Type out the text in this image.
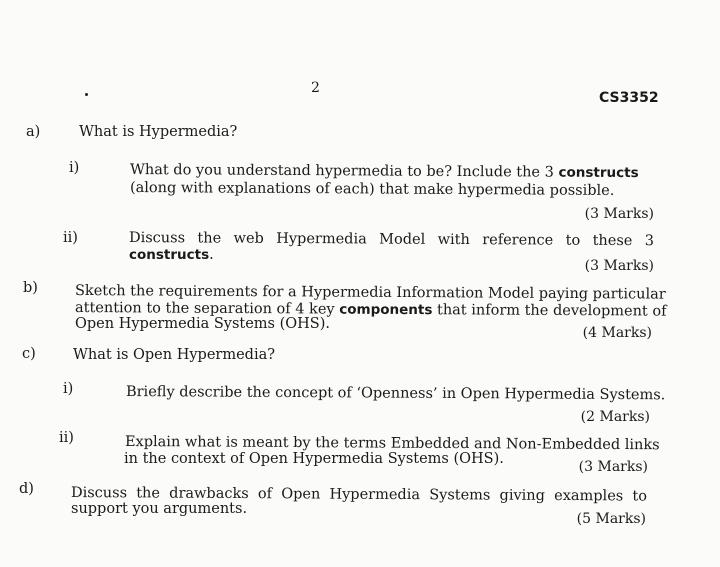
2
CS3352
a)	What is Hypermedia?
i)	What do you understand hypermedia to be? Include the 3 constructs
(along with explanations of each) that make hypermedia possible.
(3 Marks)
ii)	Discuss the web Hypermedia Model with reference to these 3
constructs.
(3 Marks)
b)	Sketch the requirements for a Hypermedia Information Model paying particular
attention to the separation of 4 key components that inform the development of
Open Hypermedia Systems (OHS).
(4 Marks)
c)	What is Open Hypermedia?
i)	Briefly describe the concept of ‘Openness’ in Open Hypermedia Systems.
(2 Marks)
ii)	Explain what is meant by the terms Embedded and Non-Embedded links
in the context of Open Hypermedia Systems (OHS).	(3 Marks)
d)	Discuss the drawbacks of Open Hypermedia Systems giving examples to
support you arguments.
(5 Marks)
